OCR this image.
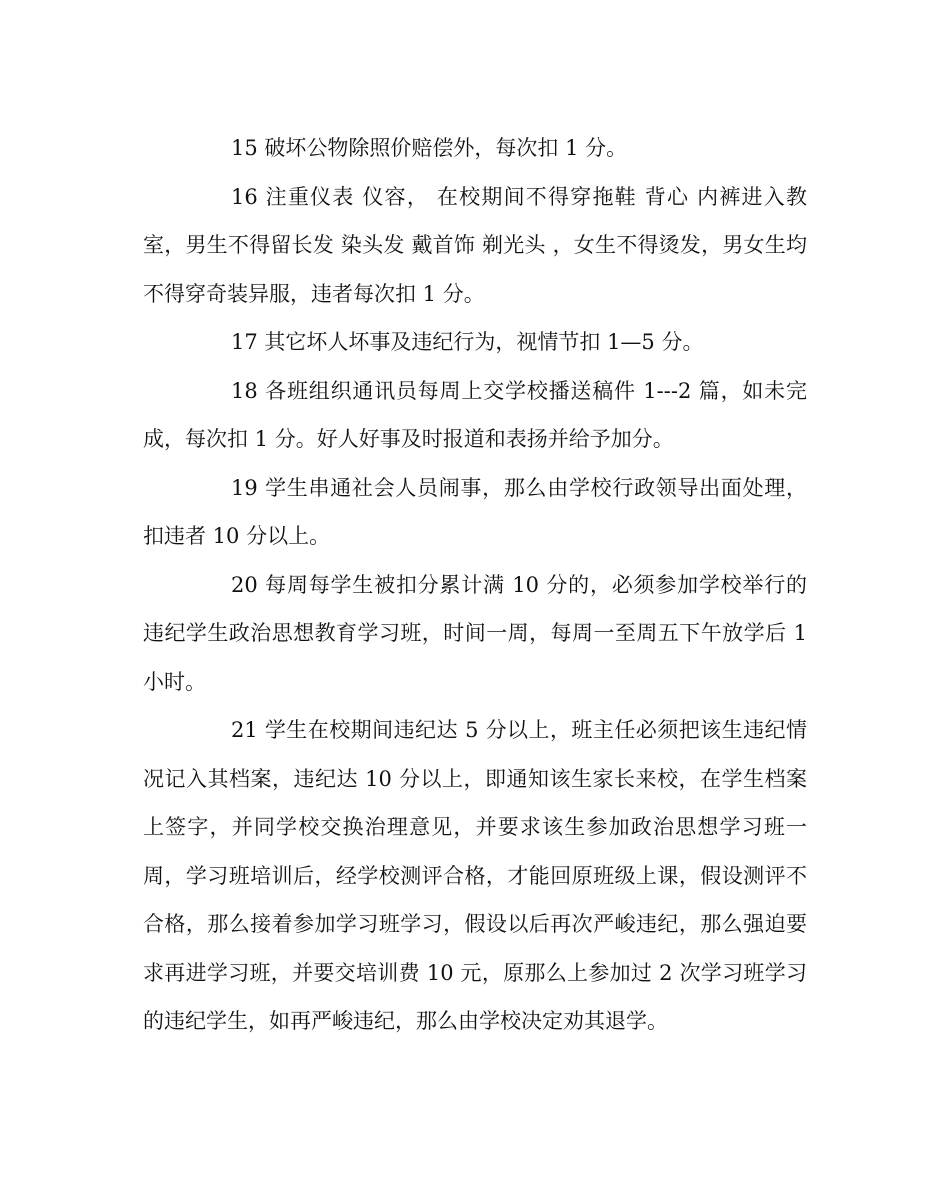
15 破坏公物除照价赔偿外，每次扣 1 分。

16 注重仪表 仪容， 在校期间不得穿拖鞋 背心 内裤进入教室，男生不得留长发 染头发 戴首饰 剃光头 ，女生不得烫发，男女生均不得穿奇装异服，违者每次扣 1 分。

17 其它坏人坏事及违纪行为，视情节扣 1—5 分。

18 各班组织通讯员每周上交学校播送稿件 1---2 篇，如未完成，每次扣 1 分。好人好事及时报道和表扬并给予加分。

19 学生串通社会人员闹事，那么由学校行政领导出面处理，扣违者 10 分以上。

20 每周每学生被扣分累计满 10 分的，必须参加学校举行的违纪学生政治思想教育学习班，时间一周，每周一至周五下午放学后 1 小时。

21 学生在校期间违纪达 5 分以上，班主任必须把该生违纪情况记入其档案，违纪达 10 分以上，即通知该生家长来校，在学生档案上签字，并同学校交换治理意见，并要求该生参加政治思想学习班一周，学习班培训后，经学校测评合格，才能回原班级上课，假设测评不合格，那么接着参加学习班学习，假设以后再次严峻违纪，那么强迫要求再进学习班，并要交培训费 10 元，原那么上参加过 2 次学习班学习的违纪学生，如再严峻违纪，那么由学校决定劝其退学。
